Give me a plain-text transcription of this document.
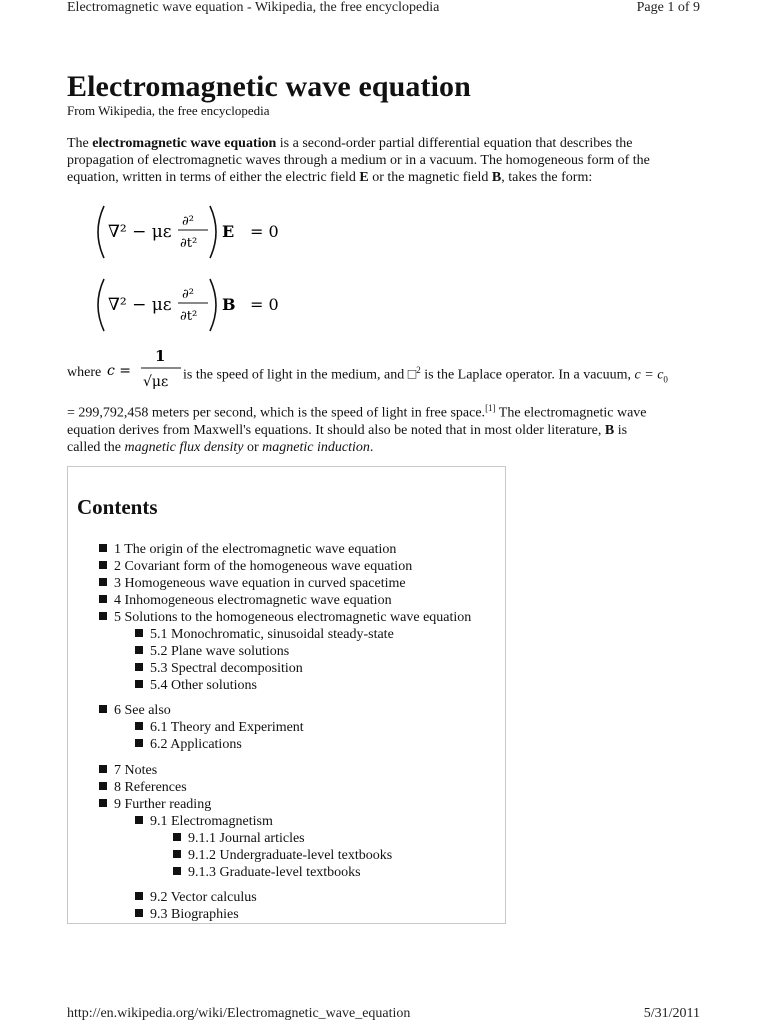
Electromagnetic wave equation - Wikipedia, the free encyclopedia	Page 1 of 9
Electromagnetic wave equation
From Wikipedia, the free encyclopedia
The electromagnetic wave equation is a second-order partial differential equation that describes the
propagation of electromagnetic waves through a medium or in a vacuum. The homogeneous form of the
equation, written in terms of either the electric field E or the magnetic field B, takes the form:
∇² − με
∂²
∂t²
E = 0
∇² − με
∂²
∂t²
B = 0
where c =
1
√με is the speed of light in the medium, and □$^2$ is the Laplace operator. In a vacuum, $c = c_0$
= 299,792,458 meters per second, which is the speed of light in free space.[1] The electromagnetic wave
equation derives from Maxwell's equations. It should also be noted that in most older literature, B is
called the magnetic flux density or magnetic induction.
Contents
1 The origin of the electromagnetic wave equation
2 Covariant form of the homogeneous wave equation
3 Homogeneous wave equation in curved spacetime
4 Inhomogeneous electromagnetic wave equation
5 Solutions to the homogeneous electromagnetic wave equation
5.1 Monochromatic, sinusoidal steady-state
5.2 Plane wave solutions
5.3 Spectral decomposition
5.4 Other solutions
6 See also
6.1 Theory and Experiment
6.2 Applications
7 Notes
8 References
9 Further reading
9.1 Electromagnetism
9.1.1 Journal articles
9.1.2 Undergraduate-level textbooks
9.1.3 Graduate-level textbooks
9.2 Vector calculus
9.3 Biographies
http://en.wikipedia.org/wiki/Electromagnetic_wave_equation	5/31/2011
